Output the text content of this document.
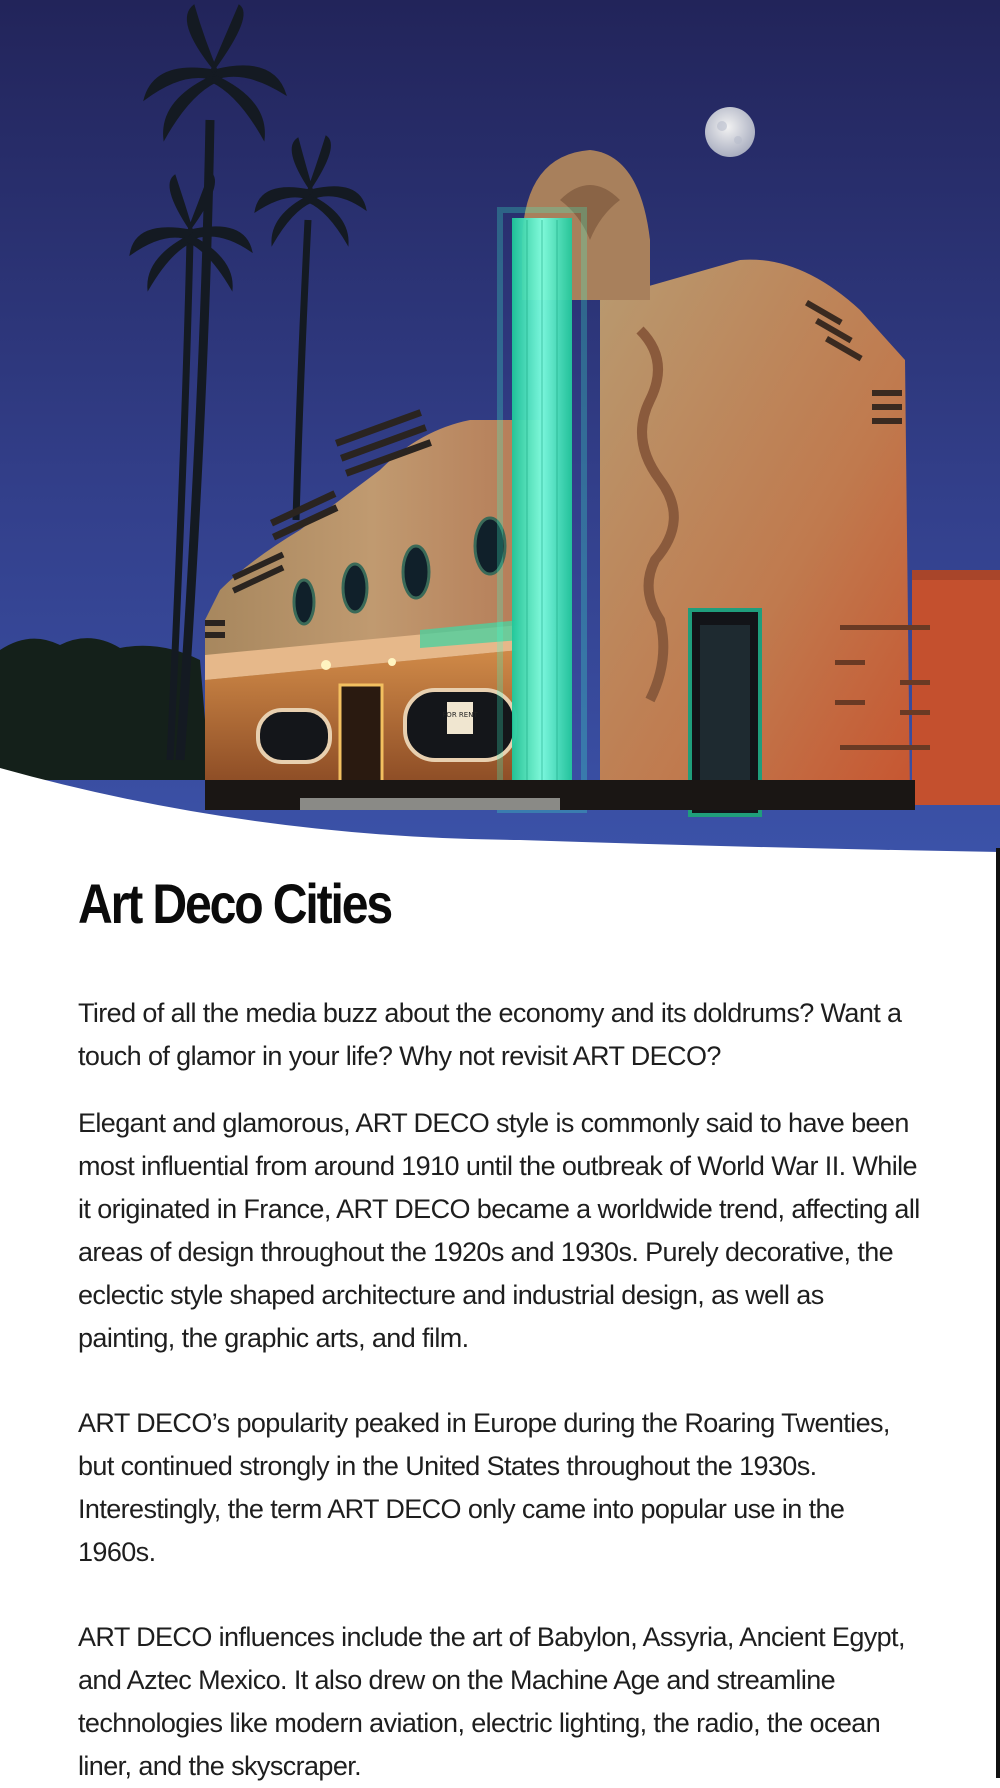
FOR RENT
Art Deco Cities

Tired of all the media buzz about the economy and its doldrums? Want a touch of glamor in your life? Why not revisit ART DECO?

Elegant and glamorous, ART DECO style is commonly said to have been most influential from around 1910 until the outbreak of World War II. While it originated in France, ART DECO became a worldwide trend, affecting all areas of design throughout the 1920s and 1930s. Purely decorative, the eclectic style shaped architecture and industrial design, as well as painting, the graphic arts, and film.

ART DECO’s popularity peaked in Europe during the Roaring Twenties, but continued strongly in the United States throughout the 1930s. Interestingly, the term ART DECO only came into popular use in the 1960s.

ART DECO influences include the art of Babylon, Assyria, Ancient Egypt, and Aztec Mexico. It also drew on the Machine Age and streamline technologies like modern aviation, electric lighting, the radio, the ocean liner, and the skyscraper.
